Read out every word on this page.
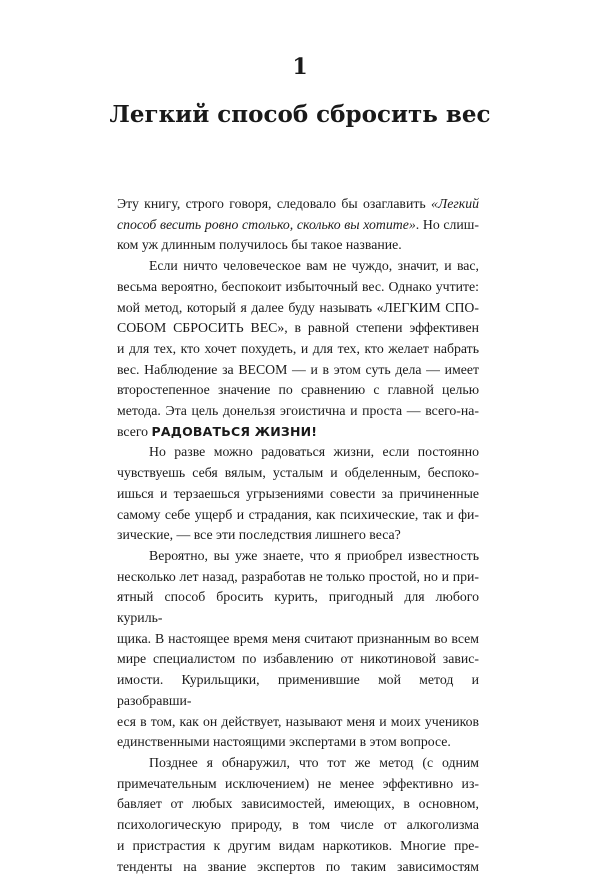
1
Легкий способ сбросить вес

Эту книгу, строго говоря, следовало бы озаглавить «Легкий

способ весить ровно столько, сколько вы хотите». Но слиш-

ком уж длинным получилось бы такое название.

Если ничто человеческое вам не чуждо, значит, и вас,

весьма вероятно, беспокоит избыточный вес. Однако учтите:

мой метод, который я далее буду называть «ЛЕГКИМ СПО-

СОБОМ СБРОСИТЬ ВЕС», в равной степени эффективен

и для тех, кто хочет похудеть, и для тех, кто желает набрать

вес. Наблюдение за ВЕСОМ — и в этом суть дела — имеет

второстепенное значение по сравнению с главной целью

метода. Эта цель донельзя эгоистична и проста — всего-на-

всего РАДОВАТЬСЯ ЖИЗНИ!

Но разве можно радоваться жизни, если постоянно

чувствуешь себя вялым, усталым и обделенным, беспоко-

ишься и терзаешься угрызениями совести за причиненные

самому себе ущерб и страдания, как психические, так и фи-

зические, — все эти последствия лишнего веса?

Вероятно, вы уже знаете, что я приобрел известность

несколько лет назад, разработав не только простой, но и при-

ятный способ бросить курить, пригодный для любого куриль-

щика. В настоящее время меня считают признанным во всем

мире специалистом по избавлению от никотиновой завис-

имости. Курильщики, применившие мой метод и разобравши-

еся в том, как он действует, называют меня и моих учеников

единственными настоящими экспертами в этом вопросе.

Позднее я обнаружил, что тот же метод (с одним

примечательным исключением) не менее эффективно из-

бавляет от любых зависимостей, имеющих, в основном,

психологическую природу, в том числе от алкоголизма

и пристрастия к другим видам наркотиков. Многие пре-

тенденты на звание экспертов по таким зависимостям
